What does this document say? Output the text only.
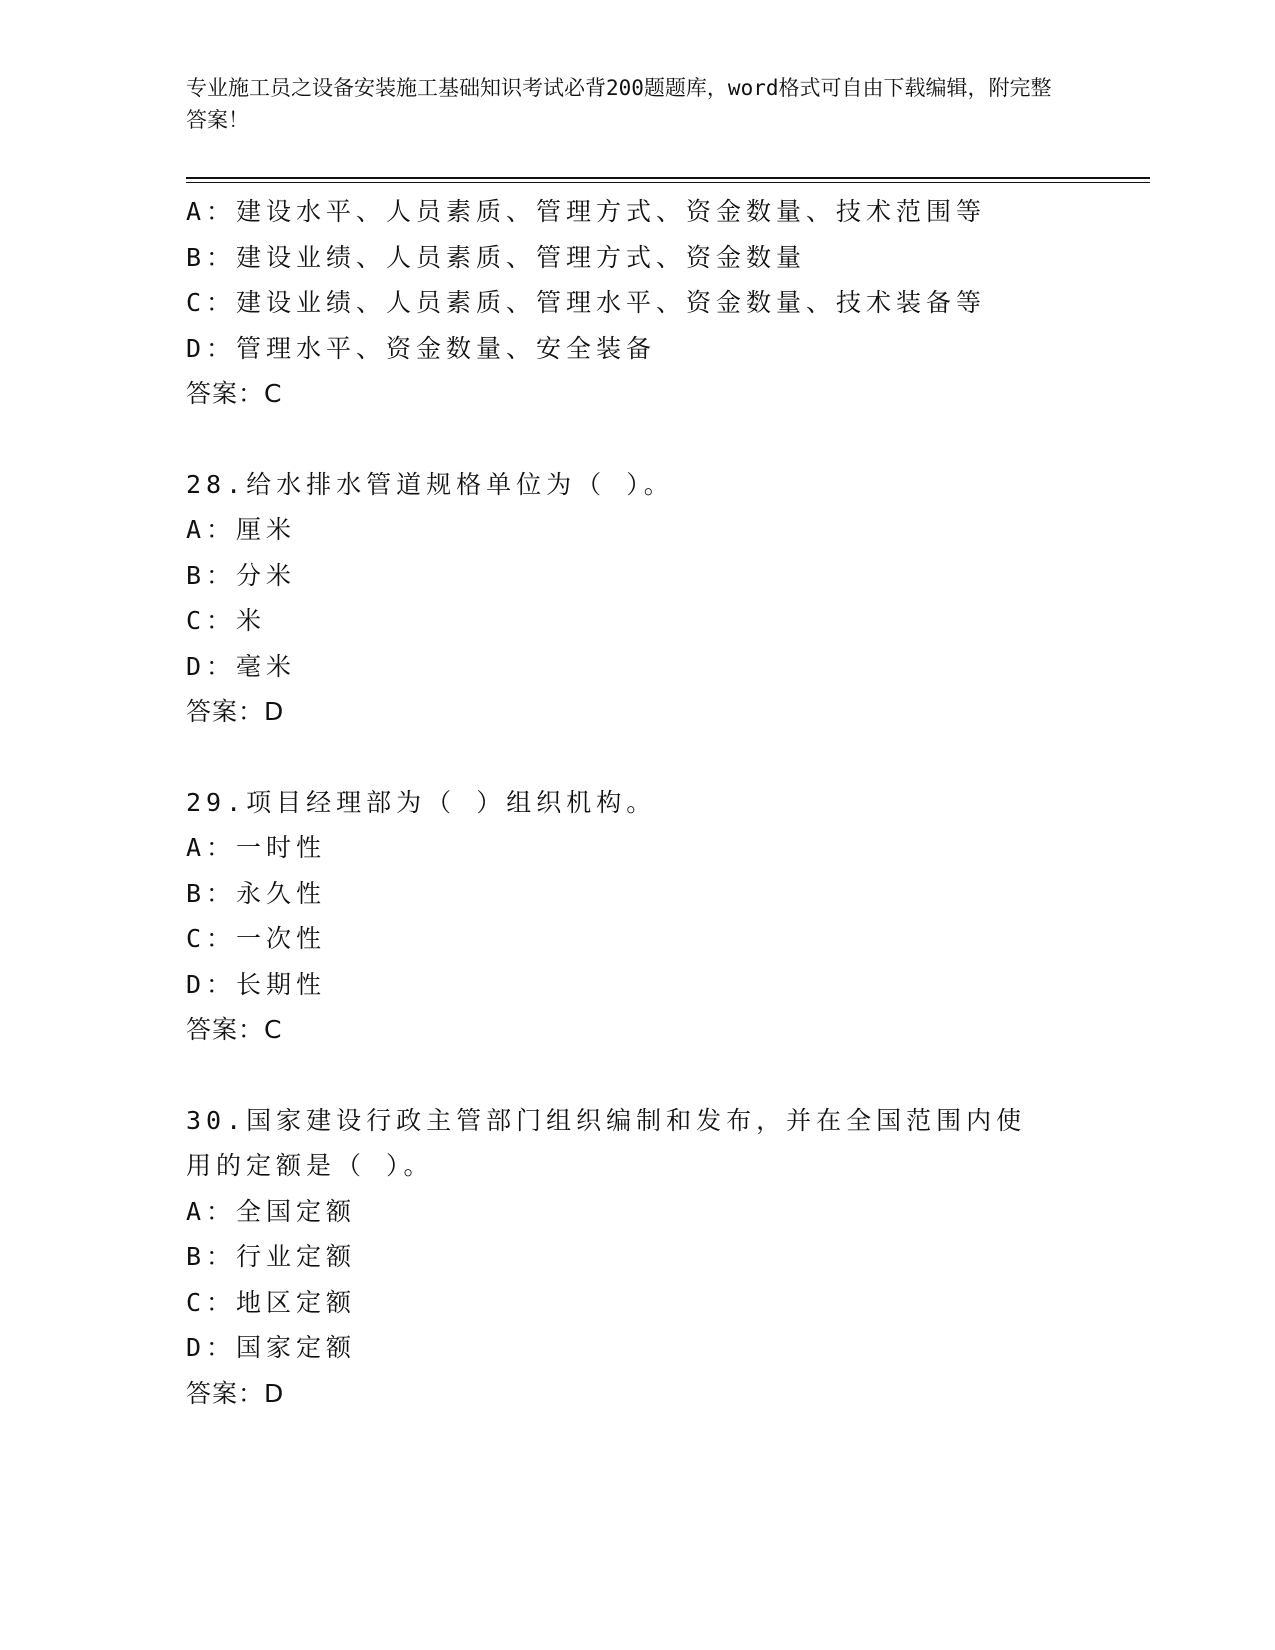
专业施工员之设备安装施工基础知识考试必背200题题库，word格式可自由下载编辑，附完整答案！
A：建设水平、人员素质、管理方式、资金数量、技术范围等
B：建设业绩、人员素质、管理方式、资金数量
C：建设业绩、人员素质、管理水平、资金数量、技术装备等
D：管理水平、资金数量、安全装备
答案：C
28.给水排水管道规格单位为（ ）。
A：厘米
B：分米
C：米
D：毫米
答案：D
29.项目经理部为（ ）组织机构。
A：一时性
B：永久性
C：一次性
D：长期性
答案：C
30.国家建设行政主管部门组织编制和发布，并在全国范围内使用的定额是（ ）。
A：全国定额
B：行业定额
C：地区定额
D：国家定额
答案：D
